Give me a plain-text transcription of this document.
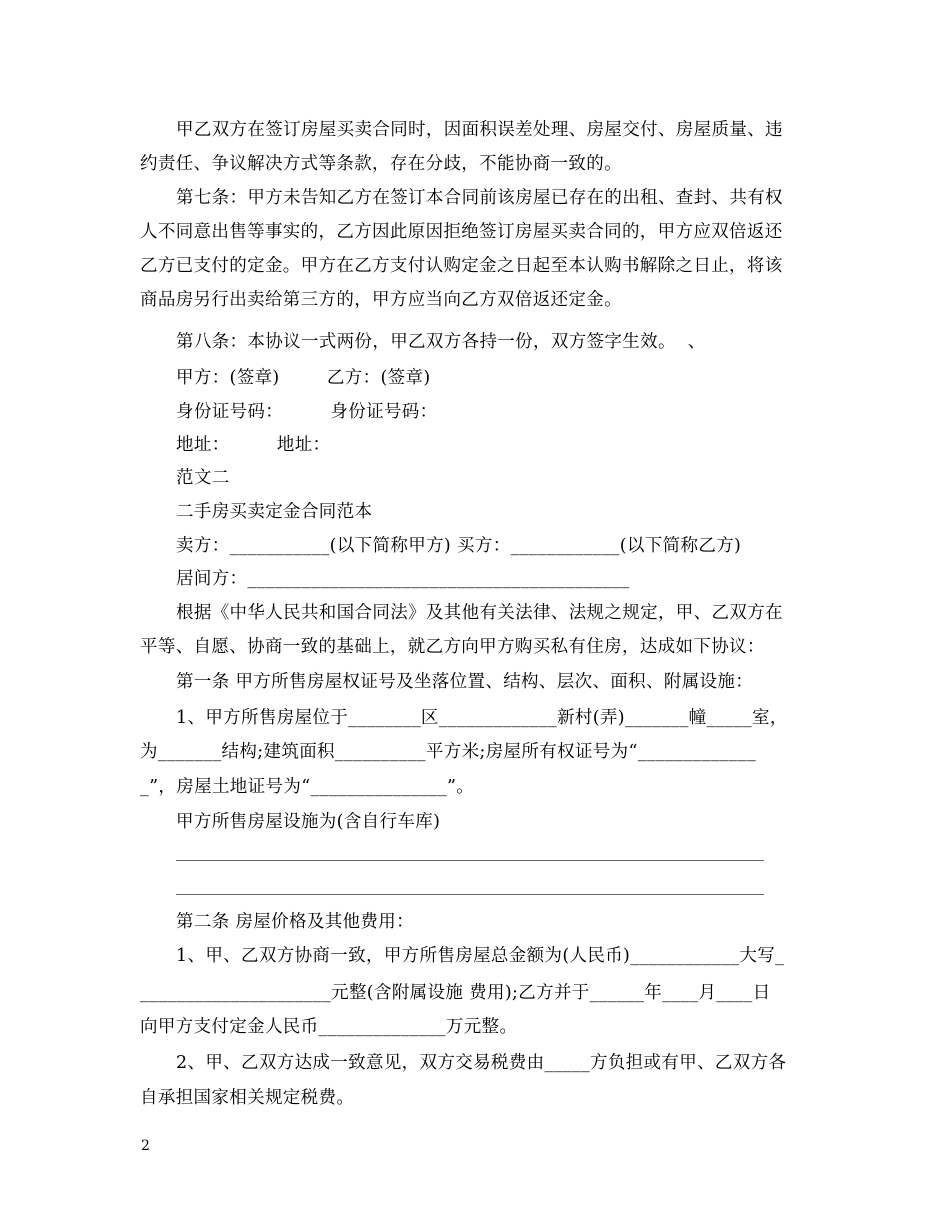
甲乙双方在签订房屋买卖合同时，因面积误差处理、房屋交付、房屋质量、违
约责任、争议解决方式等条款，存在分歧，不能协商一致的。
第七条：甲方未告知乙方在签订本合同前该房屋已存在的出租、查封、共有权
人不同意出售等事实的，乙方因此原因拒绝签订房屋买卖合同的，甲方应双倍返还
乙方已支付的定金。甲方在乙方支付认购定金之日起至本认购书解除之日止，将该
商品房另行出卖给第三方的，甲方应当向乙方双倍返还定金。
第八条：本协议一式两份，甲乙双方各持一份，双方签字生效。  、
甲方：(签章)        乙方：(签章)
身份证号码：        身份证号码：
地址：        地址：
范文二
二手房买卖定金合同范本
卖方：___________(以下简称甲方) 买方：____________(以下简称乙方)
居间方：__________________________________________
根据《中华人民共和国合同法》及其他有关法律、法规之规定，甲、乙双方在
平等、自愿、协商一致的基础上，就乙方向甲方购买私有住房，达成如下协议：
第一条 甲方所售房屋权证号及坐落位置、结构、层次、面积、附属设施：
1、甲方所售房屋位于________区_____________新村(弄)_______幢_____室，
为_______结构;建筑面积__________平方米;房屋所有权证号为“_____________
_”，房屋土地证号为“_______________”。
甲方所售房屋设施为(含自行车库)
第二条 房屋价格及其他费用：
1、甲、乙双方协商一致，甲方所售房屋总金额为(人民币)____________大写_
_____________________元整(含附属设施 费用);乙方并于______年____月____日
向甲方支付定金人民币______________万元整。
2、甲、乙双方达成一致意见，双方交易税费由_____方负担或有甲、乙双方各
自承担国家相关规定税费。
2
